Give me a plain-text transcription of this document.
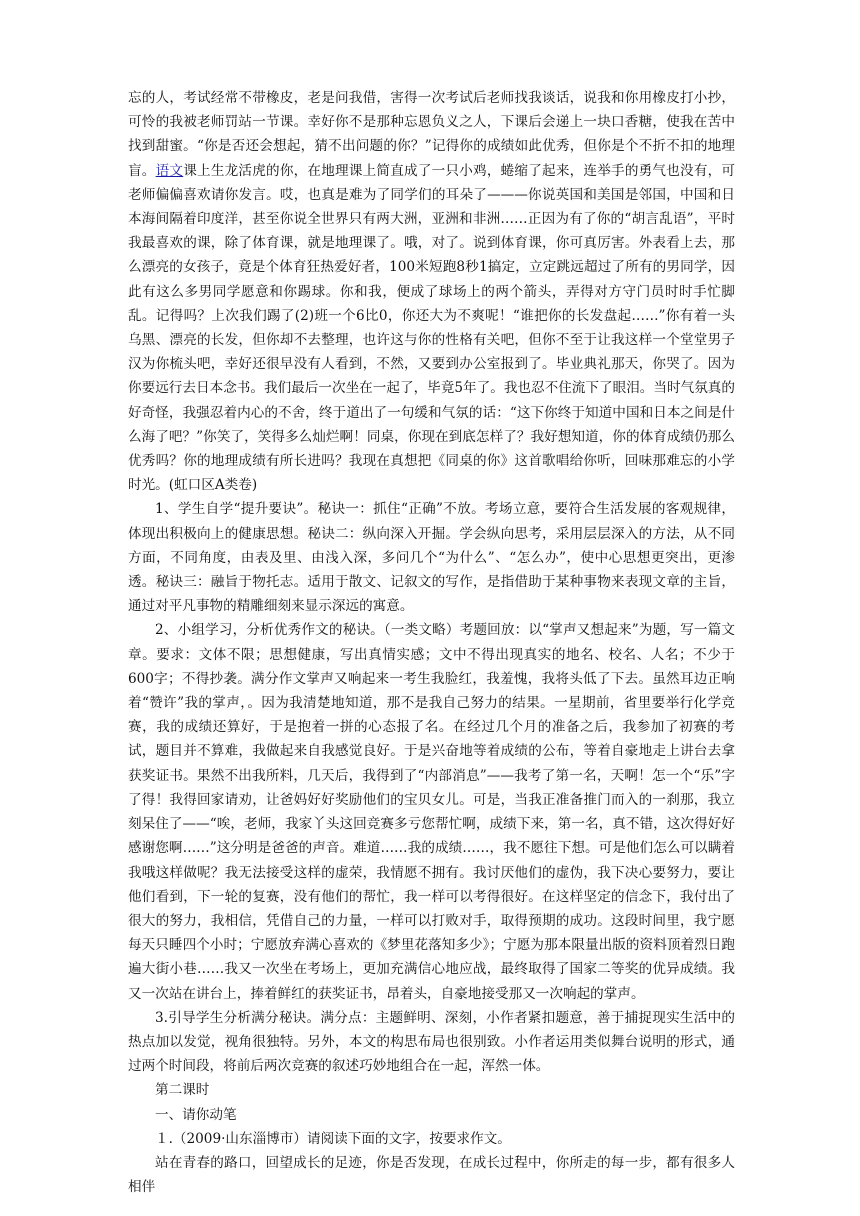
忘的人，考试经常不带橡皮，老是问我借，害得一次考试后老师找我谈话，说我和你用橡皮打小抄，可怜的我被老师罚站一节课。幸好你不是那种忘恩负义之人，下课后会递上一块口香糖，使我在苦中找到甜蜜。“你是否还会想起，猜不出问题的你？”记得你的成绩如此优秀，但你是个不折不扣的地理盲。语文课上生龙活虎的你，在地理课上简直成了一只小鸡，蜷缩了起来，连举手的勇气也没有，可老师偏偏喜欢请你发言。哎，也真是难为了同学们的耳朵了———你说英国和美国是邻国，中国和日本海间隔着印度洋，甚至你说全世界只有两大洲，亚洲和非洲……正因为有了你的“胡言乱语”，平时我最喜欢的课，除了体育课，就是地理课了。哦，对了。说到体育课，你可真厉害。外表看上去，那么漂亮的女孩子，竟是个体育狂热爱好者，100米短跑8秒1搞定，立定跳远超过了所有的男同学，因此有这么多男同学愿意和你踢球。你和我，便成了球场上的两个箭头，弄得对方守门员时时手忙脚乱。记得吗？上次我们踢了(2)班一个6比0，你还大为不爽呢！“谁把你的长发盘起……”你有着一头乌黑、漂亮的长发，但你却不去整理，也许这与你的性格有关吧，但你不至于让我这样一个堂堂男子汉为你梳头吧，幸好还很早没有人看到，不然，又要到办公室报到了。毕业典礼那天，你哭了。因为你要远行去日本念书。我们最后一次坐在一起了，毕竟5年了。我也忍不住流下了眼泪。当时气氛真的好奇怪，我强忍着内心的不舍，终于道出了一句缓和气氛的话：“这下你终于知道中国和日本之间是什么海了吧？”你笑了，笑得多么灿烂啊！同桌，你现在到底怎样了？我好想知道，你的体育成绩仍那么优秀吗？你的地理成绩有所长进吗？我现在真想把《同桌的你》这首歌唱给你听，回味那难忘的小学时光。(虹口区A类卷)

1、学生自学“提升要诀”。秘诀一：抓住“正确”不放。考场立意，要符合生活发展的客观规律，体现出积极向上的健康思想。秘诀二：纵向深入开掘。学会纵向思考，采用层层深入的方法，从不同方面，不同角度，由表及里、由浅入深，多问几个“为什么”、“怎么办”，使中心思想更突出，更渗透。秘诀三：融旨于物托志。适用于散文、记叙文的写作，是指借助于某种事物来表现文章的主旨，通过对平凡事物的精雕细刻来显示深远的寓意。

2、小组学习，分析优秀作文的秘诀。（一类文略）考题回放：以“掌声又想起来”为题，写一篇文章。要求：文体不限；思想健康，写出真情实感；文中不得出现真实的地名、校名、人名；不少于600字；不得抄袭。满分作文掌声又响起来一考生我脸红，我羞愧，我将头低了下去。虽然耳边正响着“赞许”我的掌声，。因为我清楚地知道，那不是我自己努力的结果。一星期前，省里要举行化学竞赛，我的成绩还算好，于是抱着一拼的心态报了名。在经过几个月的准备之后，我参加了初赛的考试，题目并不算难，我做起来自我感觉良好。于是兴奋地等着成绩的公布，等着自豪地走上讲台去拿获奖证书。果然不出我所料，几天后，我得到了“内部消息”——我考了第一名，天啊！怎一个“乐”字了得！我得回家请劝，让爸妈好好奖励他们的宝贝女儿。可是，当我正准备推门而入的一刹那，我立刻呆住了——“唉，老师，我家丫头这回竞赛多亏您帮忙啊，成绩下来，第一名，真不错，这次得好好感谢您啊……”这分明是爸爸的声音。难道……我的成绩……，我不愿往下想。可是他们怎么可以瞒着我哦这样做呢？我无法接受这样的虚荣，我情愿不拥有。我讨厌他们的虚伪，我下决心要努力，要让他们看到，下一轮的复赛，没有他们的帮忙，我一样可以考得很好。在这样坚定的信念下，我付出了很大的努力，我相信，凭借自己的力量，一样可以打败对手，取得预期的成功。这段时间里，我宁愿每天只睡四个小时；宁愿放弃满心喜欢的《梦里花落知多少》；宁愿为那本限量出版的资料顶着烈日跑遍大街小巷……我又一次坐在考场上，更加充满信心地应战，最终取得了国家二等奖的优异成绩。我又一次站在讲台上，捧着鲜红的获奖证书，昂着头，自豪地接受那又一次响起的掌声。

3.引导学生分析满分秘诀。满分点：主题鲜明、深刻，小作者紧扣题意，善于捕捉现实生活中的热点加以发觉，视角很独特。另外，本文的构思布局也很别致。小作者运用类似舞台说明的形式，通过两个时间段，将前后两次竞赛的叙述巧妙地组合在一起，浑然一体。

第二课时

一、请你动笔

１.（2009·山东淄博市）请阅读下面的文字，按要求作文。

站在青春的路口，回望成长的足迹，你是否发现，在成长过程中，你所走的每一步，都有很多人相伴
